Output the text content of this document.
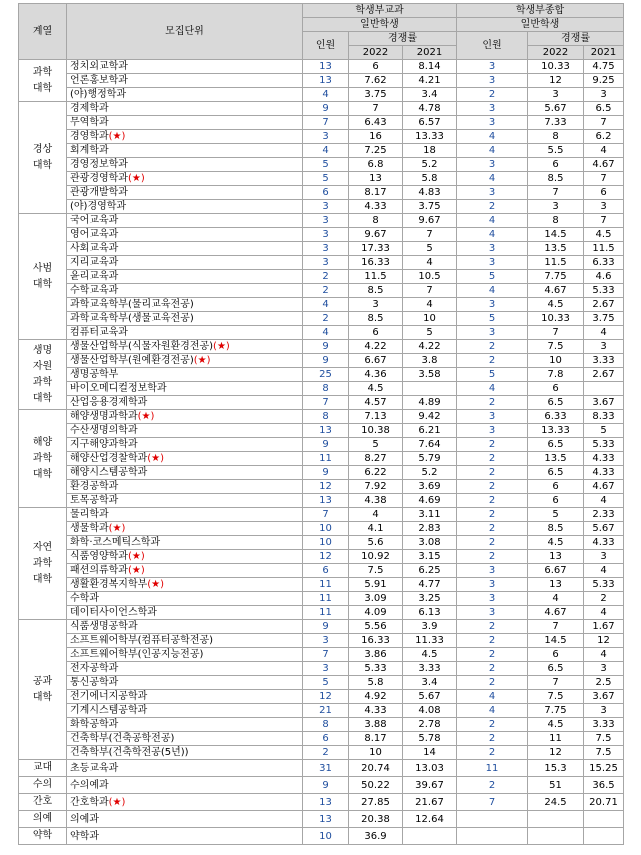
계열	모집단위	학생부교과			학생부종합		
		일반학생			일반학생		
		인원	경쟁률		인원	경쟁률	
			2022	2021		2022	2021
과학
대학	정치외교학과	13	6	8.14	3	10.33	4.75
	언론홍보학과	13	7.62	4.21	3	12	9.25
	(야)행정학과	4	3.75	3.4	2	3	3
경상
대학	경제학과	9	7	4.78	3	5.67	6.5
	무역학과	7	6.43	6.57	3	7.33	7
	경영학과(★)	3	16	13.33	4	8	6.2
	회계학과	4	7.25	18	4	5.5	4
	경영정보학과	5	6.8	5.2	3	6	4.67
	관광경영학과(★)	5	13	5.8	4	8.5	7
	관광개발학과	6	8.17	4.83	3	7	6
	(야)경영학과	3	4.33	3.75	2	3	3
사범
대학	국어교육과	3	8	9.67	4	8	7
	영어교육과	3	9.67	7	4	14.5	4.5
	사회교육과	3	17.33	5	3	13.5	11.5
	지리교육과	3	16.33	4	3	11.5	6.33
	윤리교육과	2	11.5	10.5	5	7.75	4.6
	수학교육과	2	8.5	7	4	4.67	5.33
	과학교육학부(물리교육전공)	4	3	4	3	4.5	2.67
	과학교육학부(생물교육전공)	2	8.5	10	5	10.33	3.75
	컴퓨터교육과	4	6	5	3	7	4
생명
자원
과학
대학	생물산업학부(식물자원환경전공)(★)	9	4.22	4.22	2	7.5	3
	생물산업학부(원예환경전공)(★)	9	6.67	3.8	2	10	3.33
	생명공학부	25	4.36	3.58	5	7.8	2.67
	바이오메디컬정보학과	8	4.5		4	6	
	산업응용경제학과	7	4.57	4.89	2	6.5	3.67
해양
과학
대학	해양생명과학과(★)	8	7.13	9.42	3	6.33	8.33
	수산생명의학과	13	10.38	6.21	3	13.33	5
	지구해양과학과	9	5	7.64	2	6.5	5.33
	해양산업경찰학과(★)	11	8.27	5.79	2	13.5	4.33
	해양시스템공학과	9	6.22	5.2	2	6.5	4.33
	환경공학과	12	7.92	3.69	2	6	4.67
	토목공학과	13	4.38	4.69	2	6	4
자연
과학
대학	물리학과	7	4	3.11	2	5	2.33
	생물학과(★)	10	4.1	2.83	2	8.5	5.67
	화학·코스메틱스학과	10	5.6	3.08	2	4.5	4.33
	식품영양학과(★)	12	10.92	3.15	2	13	3
	패션의류학과(★)	6	7.5	6.25	3	6.67	4
	생활환경복지학부(★)	11	5.91	4.77	3	13	5.33
	수학과	11	3.09	3.25	3	4	2
	데이터사이언스학과	11	4.09	6.13	3	4.67	4
공과
대학	식품생명공학과	9	5.56	3.9	2	7	1.67
	소프트웨어학부(컴퓨터공학전공)	3	16.33	11.33	2	14.5	12
	소프트웨어학부(인공지능전공)	7	3.86	4.5	2	6	4
	전자공학과	3	5.33	3.33	2	6.5	3
	통신공학과	5	5.8	3.4	2	7	2.5
	전기에너지공학과	12	4.92	5.67	4	7.5	3.67
	기계시스템공학과	21	4.33	4.08	4	7.75	3
	화학공학과	8	3.88	2.78	2	4.5	3.33
	건축학부(건축공학전공)	6	8.17	5.78	2	11	7.5
	건축학부(건축학전공(5년))	2	10	14	2	12	7.5
교대	초등교육과	31	20.74	13.03	11	15.3	15.25
수의	수의예과	9	50.22	39.67	2	51	36.5
간호	간호학과(★)	13	27.85	21.67	7	24.5	20.71
의예	의예과	13	20.38	12.64			
약학	약학과	10	36.9				
